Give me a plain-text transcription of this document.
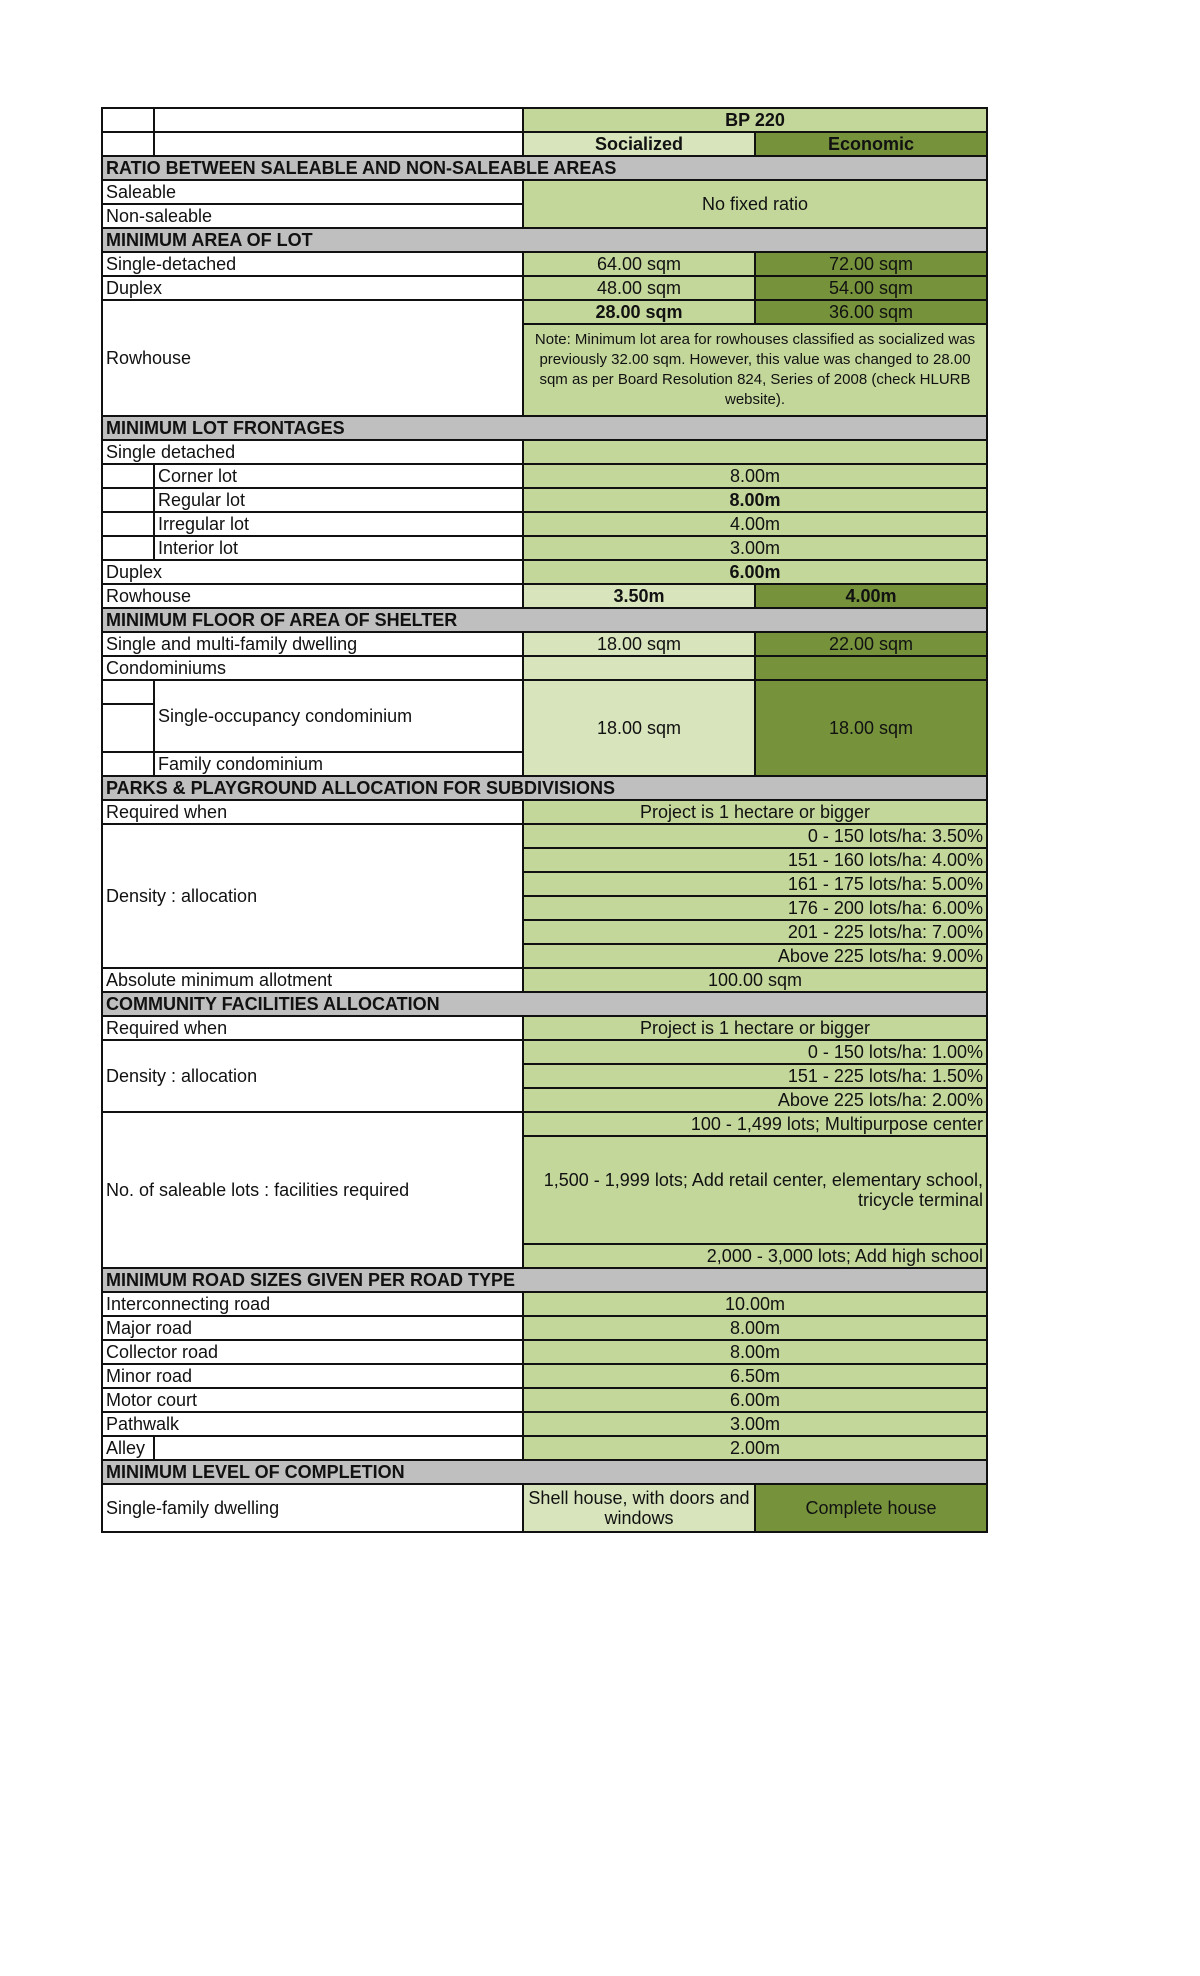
		BP 220	
		Socialized	Economic
RATIO BETWEEN SALEABLE AND NON-SALEABLE AREAS			
Saleable		No fixed ratio	
Non-saleable			
MINIMUM AREA OF LOT			
Single-detached		64.00 sqm	72.00 sqm
Duplex		48.00 sqm	54.00 sqm
Rowhouse		28.00 sqm	36.00 sqm
		Note: Minimum lot area for rowhouses classified as socialized was previously 32.00 sqm. However, this value was changed to 28.00 sqm as per Board Resolution 824, Series of 2008 (check HLURB website).	
MINIMUM LOT FRONTAGES			
Single detached			
	Corner lot	8.00m	
	Regular lot	8.00m	
	Irregular lot	4.00m	
	Interior lot	3.00m	
Duplex		6.00m	
Rowhouse		3.50m	4.00m
MINIMUM FLOOR OF AREA OF SHELTER			
Single and multi-family dwelling		18.00 sqm	22.00 sqm
Condominiums			
	Single-occupancy condominium	18.00 sqm	18.00 sqm

	Family condominium		
PARKS & PLAYGROUND ALLOCATION FOR SUBDIVISIONS			
Required when		Project is 1 hectare or bigger	
Density : allocation		0 - 150 lots/ha: 3.50%	
		151 - 160 lots/ha: 4.00%	
		161 - 175 lots/ha: 5.00%	
		176 - 200 lots/ha: 6.00%	
		201 - 225 lots/ha: 7.00%	
		Above 225 lots/ha: 9.00%	
Absolute minimum allotment		100.00 sqm	
COMMUNITY FACILITIES ALLOCATION			
Required when		Project is 1 hectare or bigger	
Density : allocation		0 - 150 lots/ha: 1.00%	
		151 - 225 lots/ha: 1.50%	
		Above 225 lots/ha: 2.00%	
No. of saleable lots : facilities required		100 - 1,499 lots; Multipurpose center	
		1,500 - 1,999 lots; Add retail center, elementary school, tricycle terminal	
		2,000 - 3,000 lots; Add high school	
MINIMUM ROAD SIZES GIVEN PER ROAD TYPE			
Interconnecting road		10.00m	
Major road		8.00m	
Collector road		8.00m	
Minor road		6.50m	
Motor court		6.00m	
Pathwalk		3.00m	
Alley		2.00m	
MINIMUM LEVEL OF COMPLETION			
Single-family dwelling		Shell house, with doors and windows	Complete house
